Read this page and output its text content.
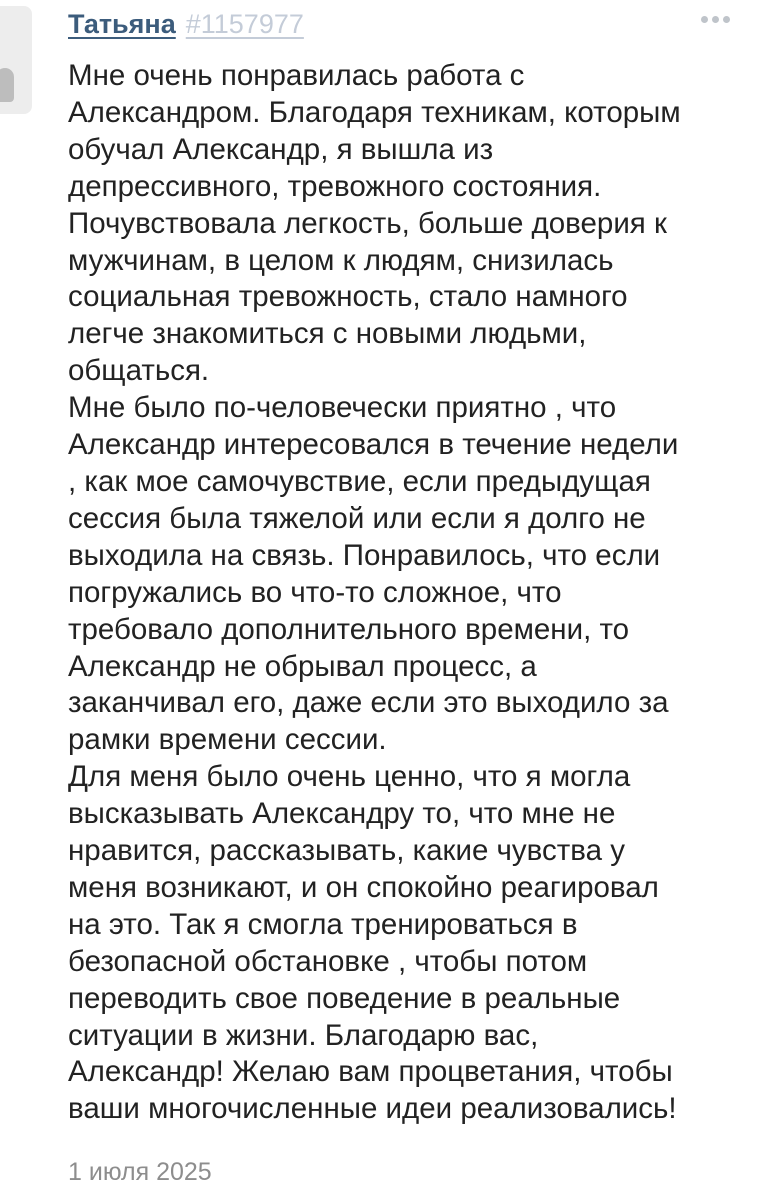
Татьяна #1157977
Мне очень понравилась работа с
Александром. Благодаря техникам, которым
обучал Александр, я вышла из
депрессивного, тревожного состояния.
Почувствовала легкость, больше доверия к
мужчинам, в целом к людям, снизилась
социальная тревожность, стало намного
легче знакомиться с новыми людьми,
общаться.
Мне было по-человечески приятно , что
Александр интересовался в течение недели
, как мое самочувствие, если предыдущая
сессия была тяжелой или если я долго не
выходила на связь. Понравилось, что если
погружались во что-то сложное, что
требовало дополнительного времени, то
Александр не обрывал процесс, а
заканчивал его, даже если это выходило за
рамки времени сессии.
Для меня было очень ценно, что я могла
высказывать Александру то, что мне не
нравится, рассказывать, какие чувства у
меня возникают, и он спокойно реагировал
на это. Так я смогла тренироваться в
безопасной обстановке , чтобы потом
переводить свое поведение в реальные
ситуации в жизни. Благодарю вас,
Александр! Желаю вам процветания, чтобы
ваши многочисленные идеи реализовались!
1 июля 2025
